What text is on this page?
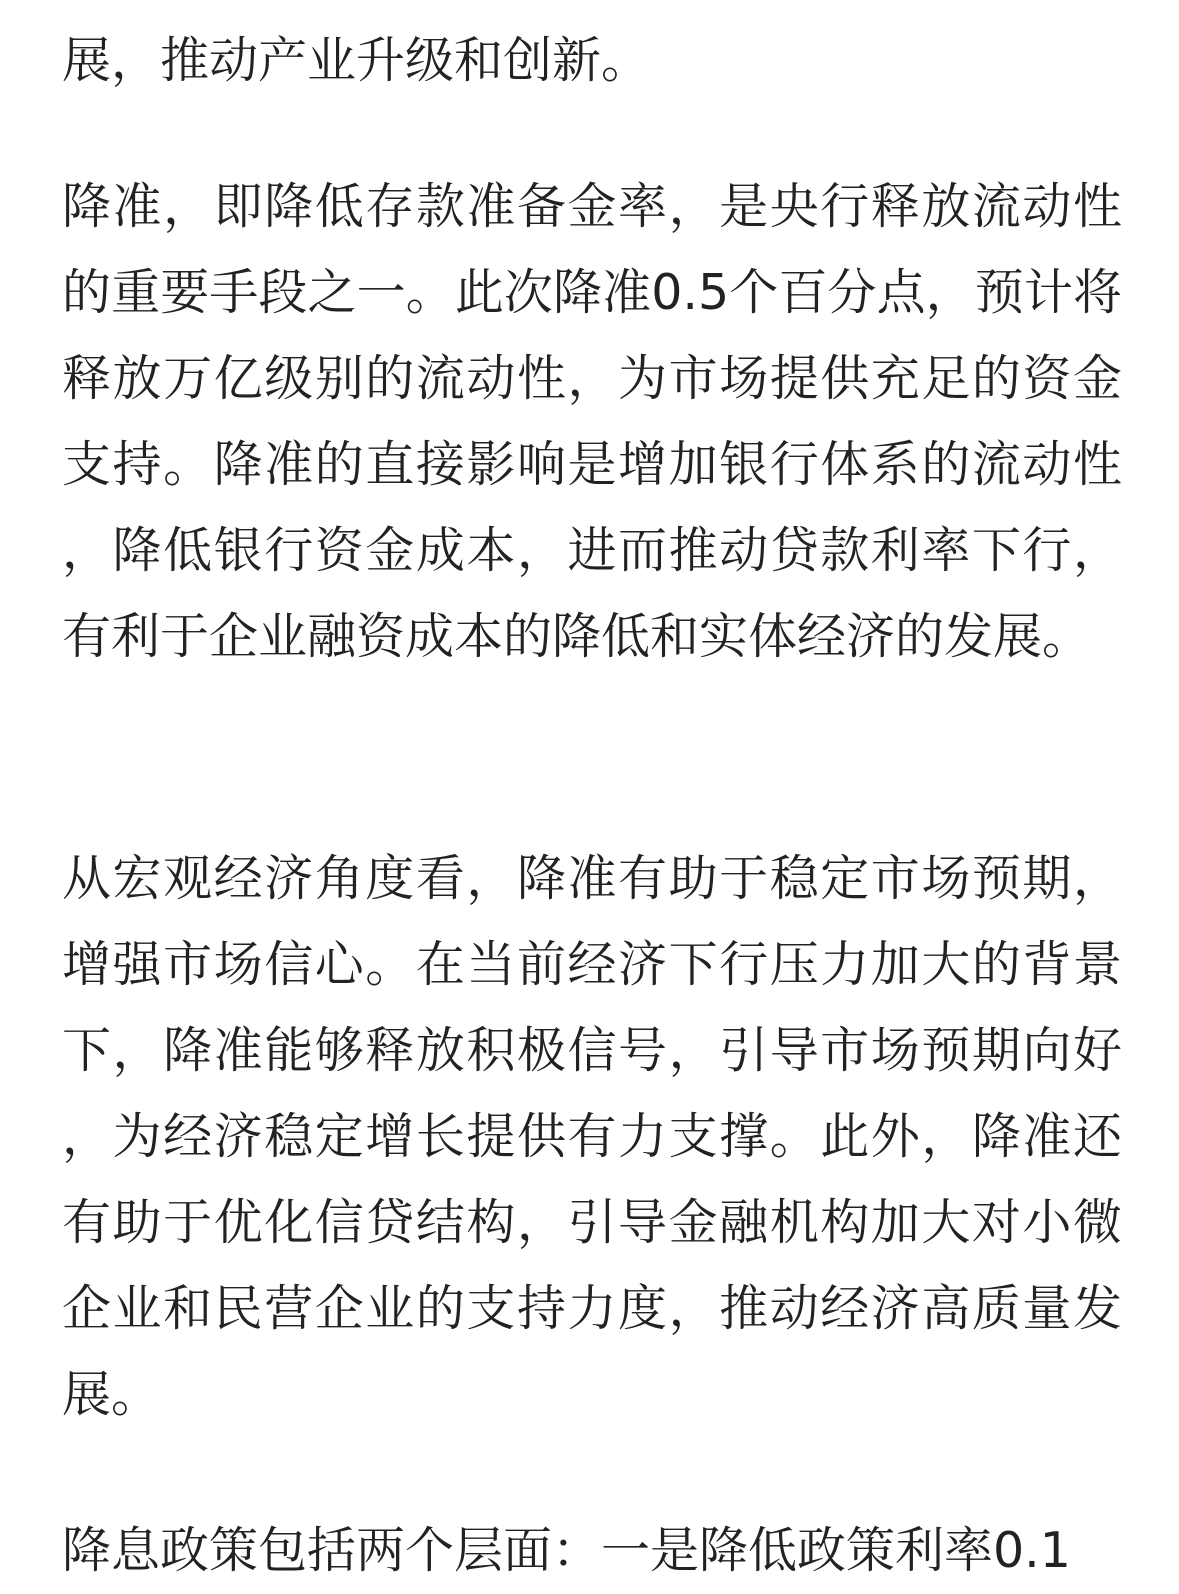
展，推动产业升级和创新。

降准，即降低存款准备金率，是央行释放流动性的重要手段之一。此次降准0.5个百分点，预计将释放万亿级别的流动性，为市场提供充足的资金支持。降准的直接影响是增加银行体系的流动性，降低银行资金成本，进而推动贷款利率下行，有利于企业融资成本的降低和实体经济的发展。

从宏观经济角度看，降准有助于稳定市场预期，增强市场信心。在当前经济下行压力加大的背景下，降准能够释放积极信号，引导市场预期向好，为经济稳定增长提供有力支撑。此外，降准还有助于优化信贷结构，引导金融机构加大对小微企业和民营企业的支持力度，推动经济高质量发展。

降息政策包括两个层面：一是降低政策利率0.1
